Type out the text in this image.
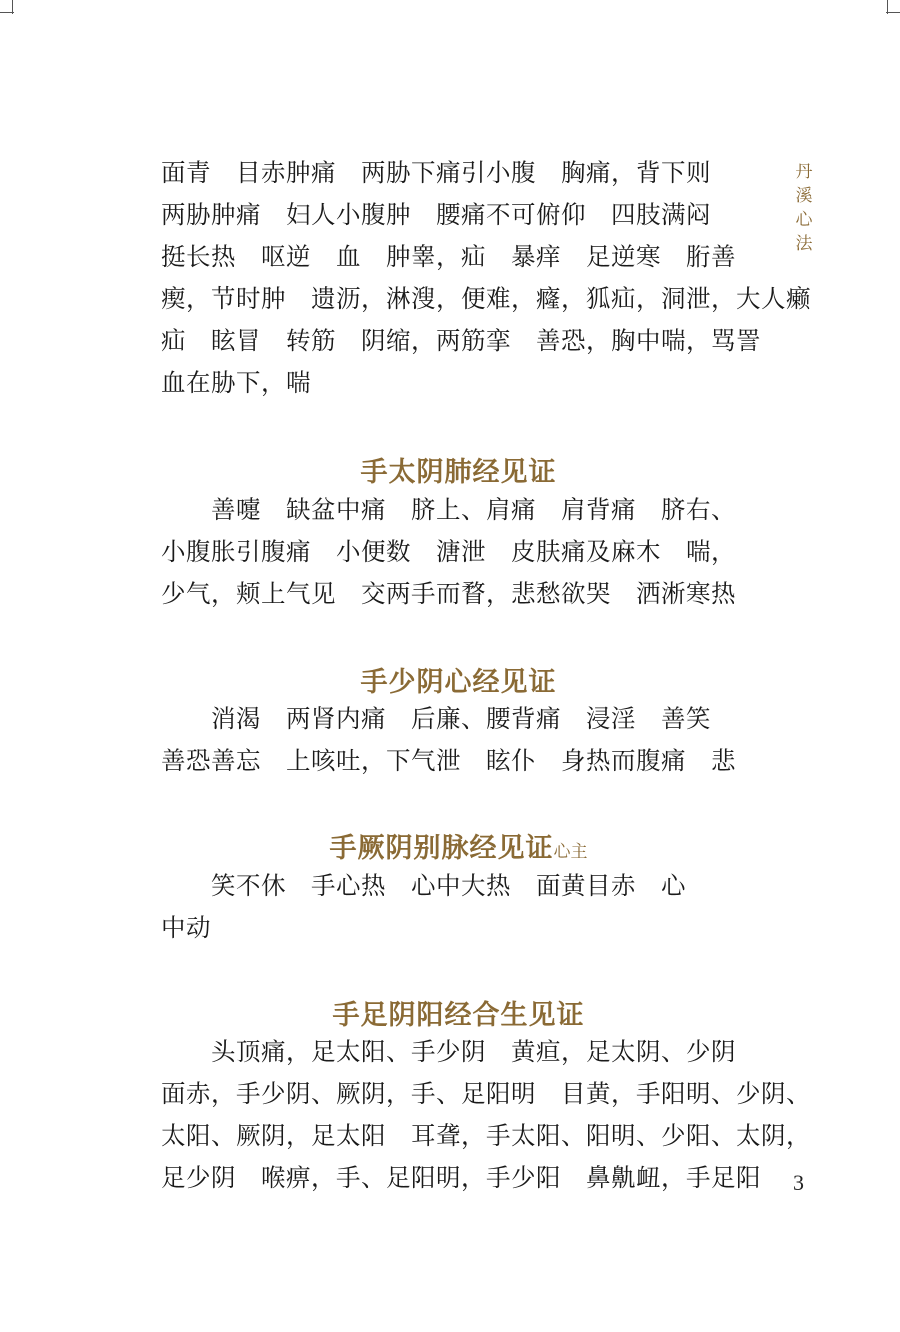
丹
溪
心
法

面青　目赤肿痛　两胁下痛引小腹　胸痛，背下则

两胁肿痛　妇人小腹肿　腰痛不可俯仰　四肢满闷

挺长热　呕逆　血　肿睾，疝　暴痒　足逆寒　胻善

瘈，节时肿　遗沥，淋溲，便难，癃，狐疝，洞泄，大人癞

疝　眩冒　转筋　阴缩，两筋挛　善恐，胸中喘，骂詈

血在胁下，喘

手太阴肺经见证

　　善嚏　缺盆中痛　脐上、肩痛　肩背痛　脐右、

小腹胀引腹痛　小便数　溏泄　皮肤痛及麻木　喘，

少气，颊上气见　交两手而瞀，悲愁欲哭　洒淅寒热

手少阴心经见证

　　消渴　两肾内痛　后廉、腰背痛　浸淫　善笑

善恐善忘　上咳吐，下气泄　眩仆　身热而腹痛　悲

手厥阴别脉经见证心主

　　笑不休　手心热　心中大热　面黄目赤　心

中动

手足阴阳经合生见证

　　头顶痛，足太阳、手少阴　黄疸，足太阴、少阴

面赤，手少阴、厥阴，手、足阳明　目黄，手阳明、少阴、

太阳、厥阴，足太阳　耳聋，手太阳、阳明、少阳、太阴，

足少阴　喉痹，手、足阳明，手少阳　鼻鼽衄，手足阳 3
